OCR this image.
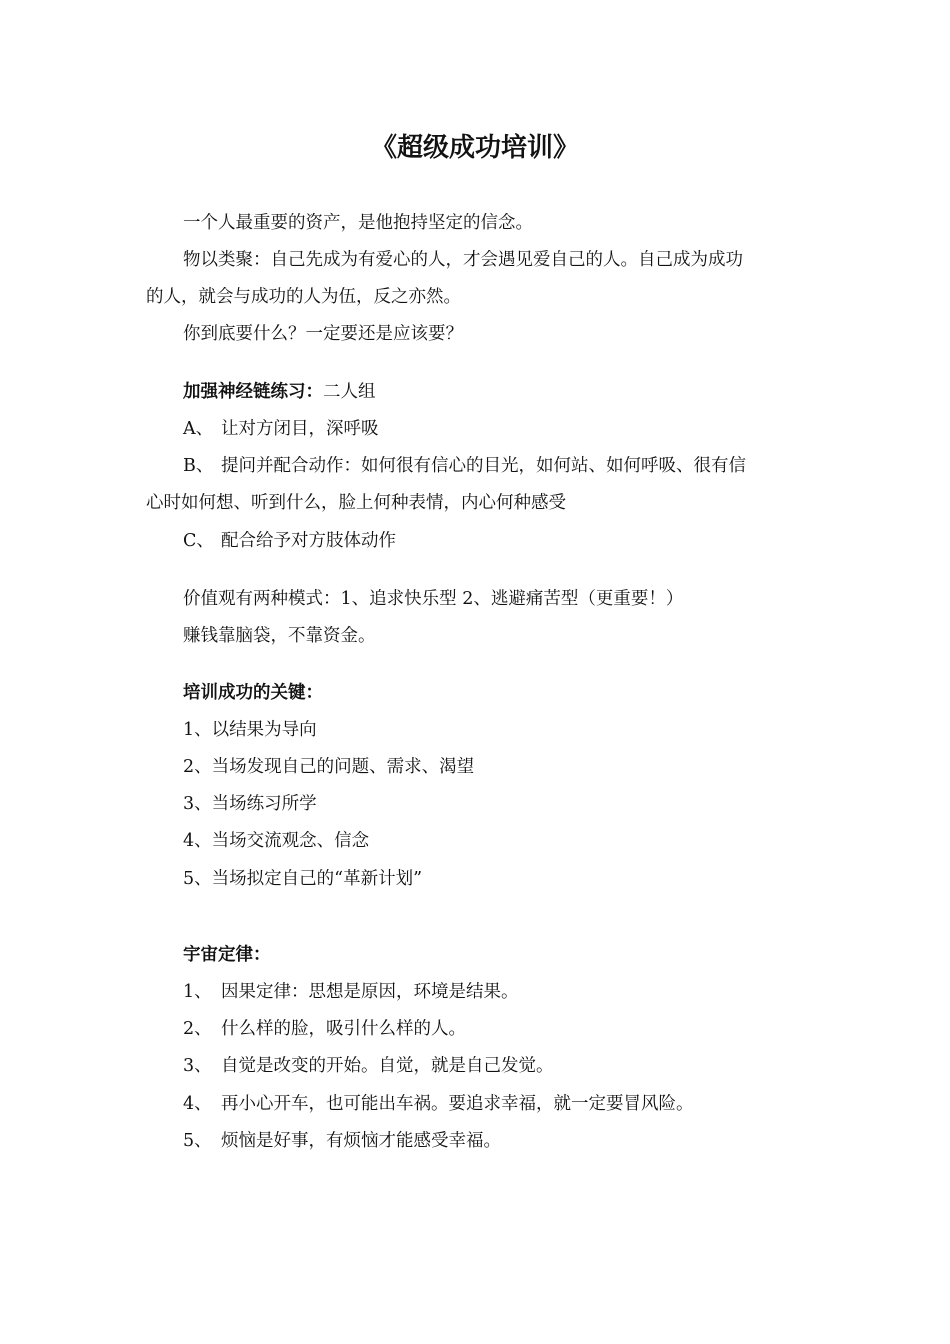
《超级成功培训》

一个人最重要的资产，是他抱持坚定的信念。

物以类聚：自己先成为有爱心的人，才会遇见爱自己的人。自己成为成功

的人，就会与成功的人为伍，反之亦然。

你到底要什么？一定要还是应该要？

加强神经链练习：二人组

A、 让对方闭目，深呼吸

B、 提问并配合动作：如何很有信心的目光，如何站、如何呼吸、很有信

心时如何想、听到什么，脸上何种表情，内心何种感受

C、 配合给予对方肢体动作

价值观有两种模式：1、追求快乐型 2、逃避痛苦型（更重要！）

赚钱靠脑袋，不靠资金。

培训成功的关键：

1、以结果为导向

2、当场发现自己的问题、需求、渴望

3、当场练习所学

4、当场交流观念、信念

5、当场拟定自己的“革新计划”

宇宙定律：

1、 因果定律：思想是原因，环境是结果。

2、 什么样的脸，吸引什么样的人。

3、 自觉是改变的开始。自觉，就是自己发觉。

4、 再小心开车，也可能出车祸。要追求幸福，就一定要冒风险。

5、 烦恼是好事，有烦恼才能感受幸福。
